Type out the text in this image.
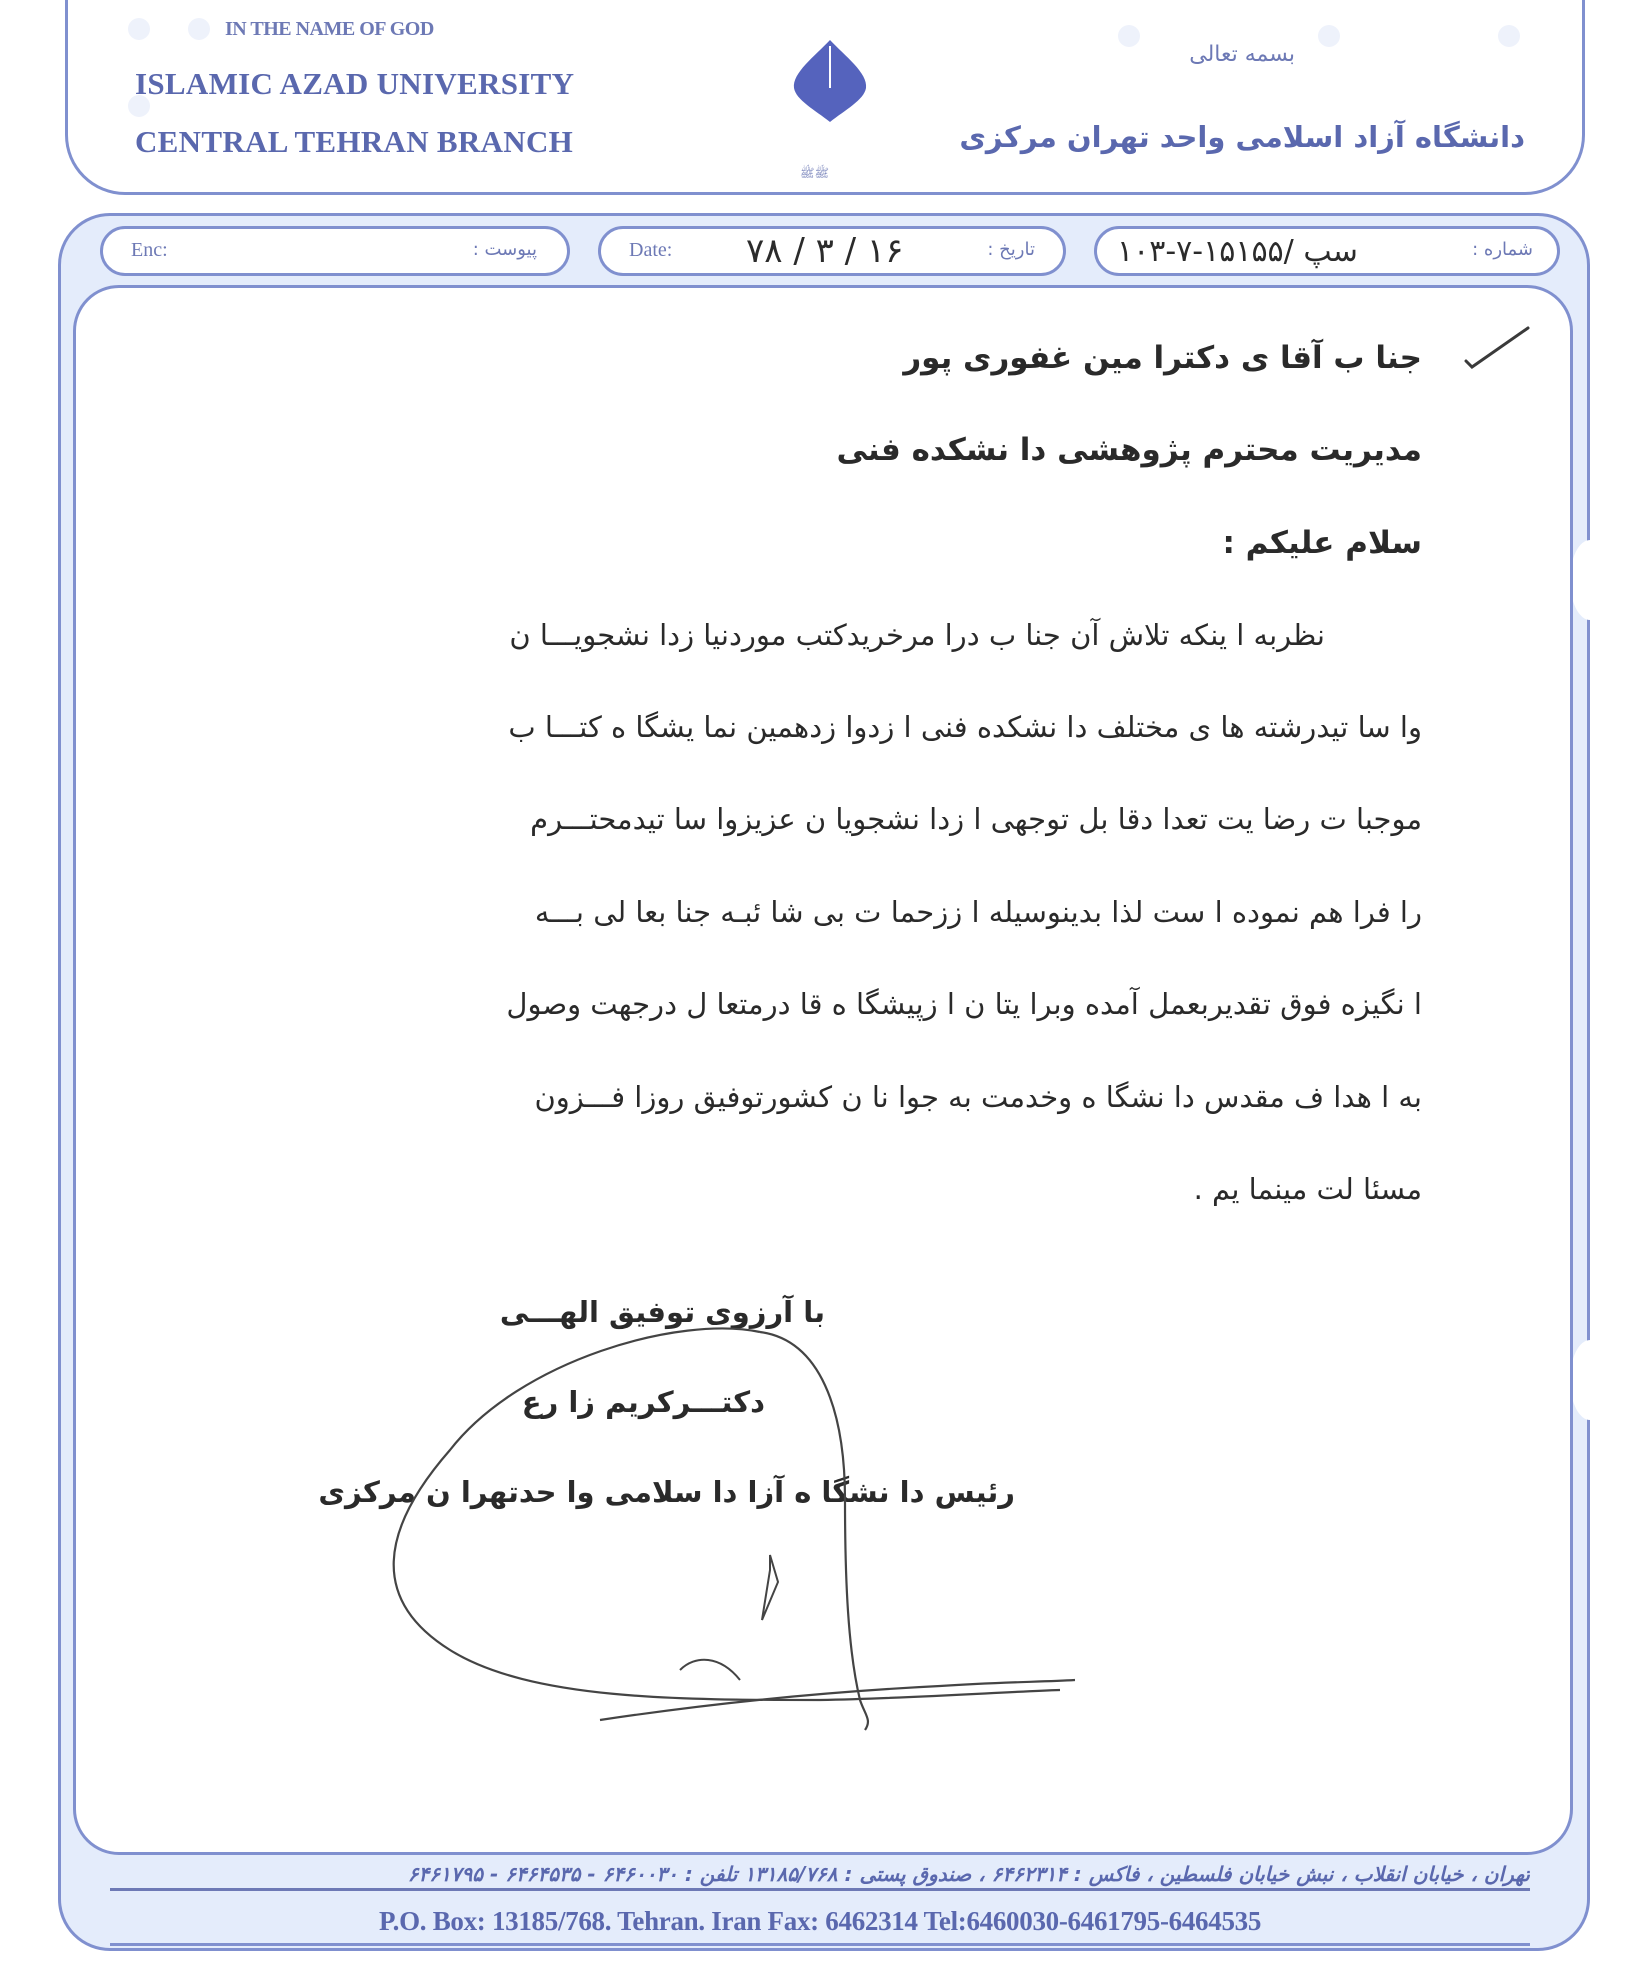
IN THE NAME OF GOD
ISLAMIC AZAD UNIVERSITY
CENTRAL TEHRAN BRANCH
ﷺﷺ
بسمه تعالی
دانشگاه آزاد اسلامی واحد تهران مرکزی
Enc:	پیوست :	Date: ۷۸ / ۳ / ۱۶	تاریخ :	۱۰۳-۷-۱۵۱۵۵/ سپ	شماره :
جنا ب آقا ی دکترا مین غفوری پور
مدیریت محترم پژوهشی دا نشکده فنی
سلام علیکم :
نظربه ا ینکه تلاش آن جنا ب درا مرخریدکتب موردنیا زدا نشجویـــا ن
وا سا تیدرشته ها ی مختلف دا نشکده فنی ا زدوا زدهمین نما یشگا ه کتـــا ب
موجبا ت رضا یت تعدا دقا بل توجهی ا زدا نشجویا ن عزیزوا سا تیدمحتـــرم
را فرا هم نموده ا ست لذا بدینوسیله ا ززحما ت بی شا ئبـه جنا بعا لی بـــه
ا نگیزه فوق تقدیربعمل آمده وبرا یتا ن ا زپیشگا ه قا درمتعا ل درجهت وصول
به ا هدا ف مقدس دا نشگا ه وخدمت به جوا نا ن کشورتوفیق روزا فـــزون
مسئا لت مینما یم .
با آرزوی توفیق الهـــی
دکتـــرکریم زا رع
رئیس دا نشگا ه آزا دا سلامی وا حدتهرا ن مرکزی
تهران ، خیابان انقلاب ، نبش خیابان فلسطین ، فاکس : ۶۴۶۲۳۱۴ ، صندوق پستی : ۱۳۱۸۵/۷۶۸ تلفن : ۶۴۶۰۰۳۰ - ۶۴۶۴۵۳۵ - ۶۴۶۱۷۹۵
P.O. Box: 13185/768. Tehran. Iran Fax: 6462314 Tel:6460030-6461795-6464535
